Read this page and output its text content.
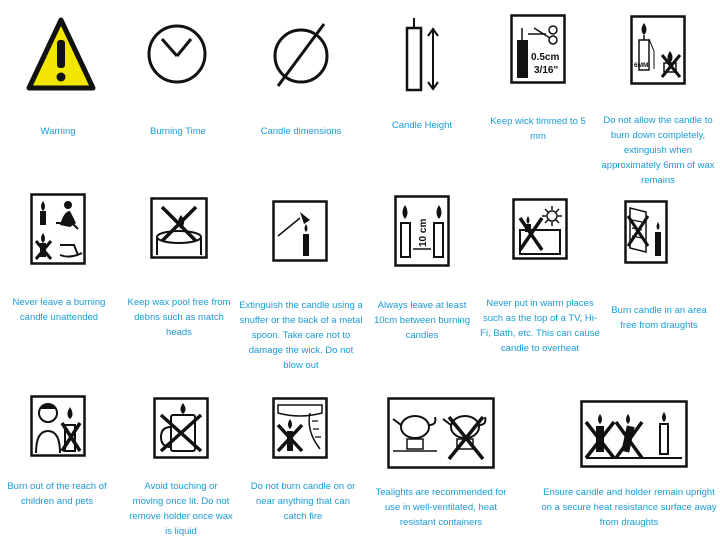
Warning	Burning Time	Candle dimensions
Candle Height
0.5cm
3/16"
Keep wick timmed to 5 mm
6MM
Do not allow the candle to burn down completely, extinguish when approximately 6mm of wax remains
Never leave a burning candle unattended
Keep wax pool free from debris such as match heads
Extinguish the candle using a snuffer or the back of a metal spoon. Take care not to damage the wick. Do not blow out
10 cm
Always leave at least 10cm between burning candles
Never put in warm places such as the top of a TV, Hi-Fi, Bath, etc. This can cause candle to overheat
Burn candle in an area free from draughts
Burn out of the reach of children and pets
Avoid touching or moving once lit. Do not remove holder once wax is liquid
Do not burn candle on or near anything that can catch fire
Tealights are recommended for use in well-ventilated, heat resistant containers
Ensure candle and holder remain upright on a secure heat resistance surface away from draughts
